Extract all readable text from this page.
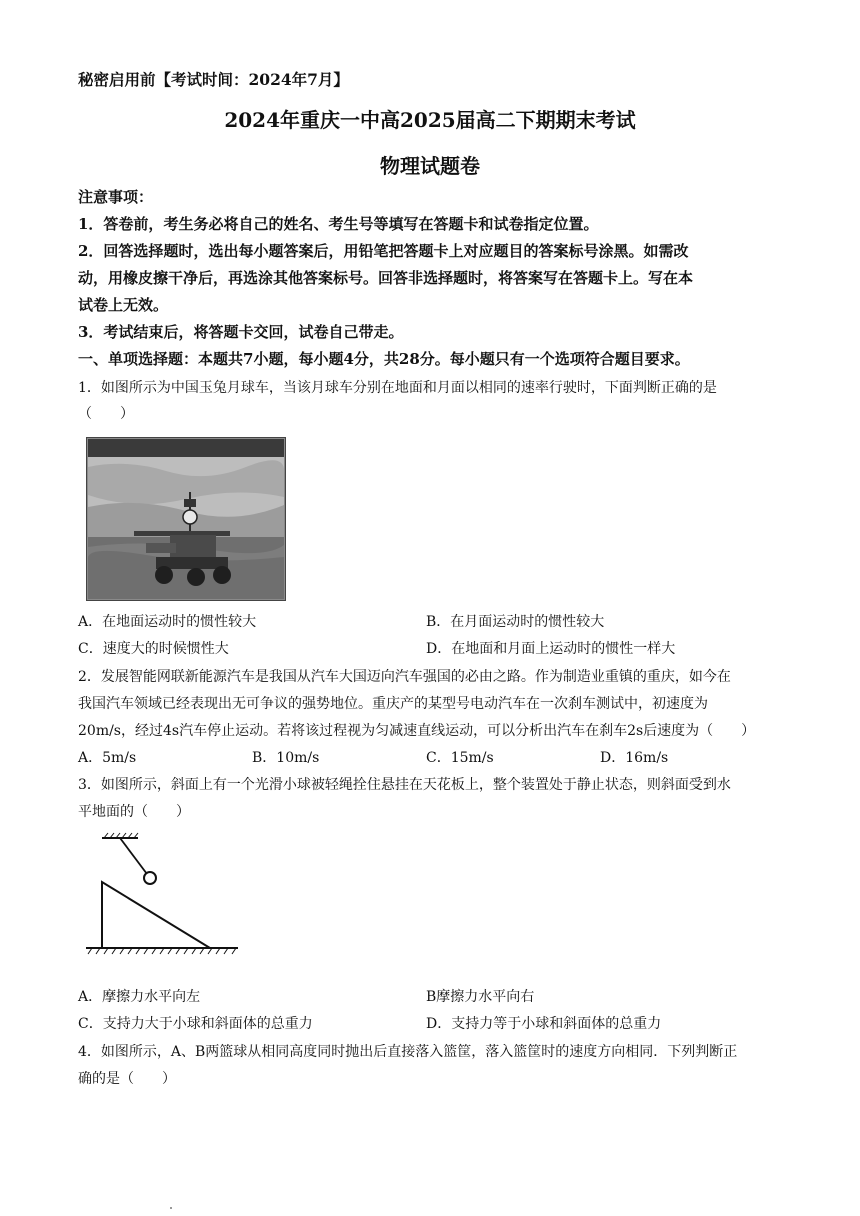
秘密启用前【考试时间：2024年7月】
2024年重庆一中高2025届高二下期期末考试
物理试题卷
注意事项：
1．答卷前，考生务必将自己的姓名、考生号等填写在答题卡和试卷指定位置。
2．回答选择题时，选出每小题答案后，用铅笔把答题卡上对应题目的答案标号涂黑。如需改
动，用橡皮擦干净后，再选涂其他答案标号。回答非选择题时，将答案写在答题卡上。写在本
试卷上无效。
3．考试结束后，将答题卡交回，试卷自己带走。
一、单项选择题：本题共7小题，每小题4分，共28分。每小题只有一个选项符合题目要求。
1．如图所示为中国玉兔月球车，当该月球车分别在地面和月面以相同的速率行驶时，下面判断正确的是
（　　）
A．在地面运动时的惯性较大	B．在月面运动时的惯性较大
C．速度大的时候惯性大	D．在地面和月面上运动时的惯性一样大
2．发展智能网联新能源汽车是我国从汽车大国迈向汽车强国的必由之路。作为制造业重镇的重庆，如今在
我国汽车领域已经表现出无可争议的强势地位。重庆产的某型号电动汽车在一次刹车测试中，初速度为
20m/s，经过4s汽车停止运动。若将该过程视为匀减速直线运动，可以分析出汽车在刹车2s后速度为（　　）
A．5m/s	B．10m/s	C．15m/s	D．16m/s
3．如图所示，斜面上有一个光滑小球被轻绳拴住悬挂在天花板上，整个装置处于静止状态，则斜面受到水
平地面的（　　）
A．摩擦力水平向左	B摩擦力水平向右
C．支持力大于小球和斜面体的总重力	D．支持力等于小球和斜面体的总重力
4．如图所示，A、B两篮球从相同高度同时抛出后直接落入篮筐，落入篮筐时的速度方向相同．下列判断正
确的是（　　）
